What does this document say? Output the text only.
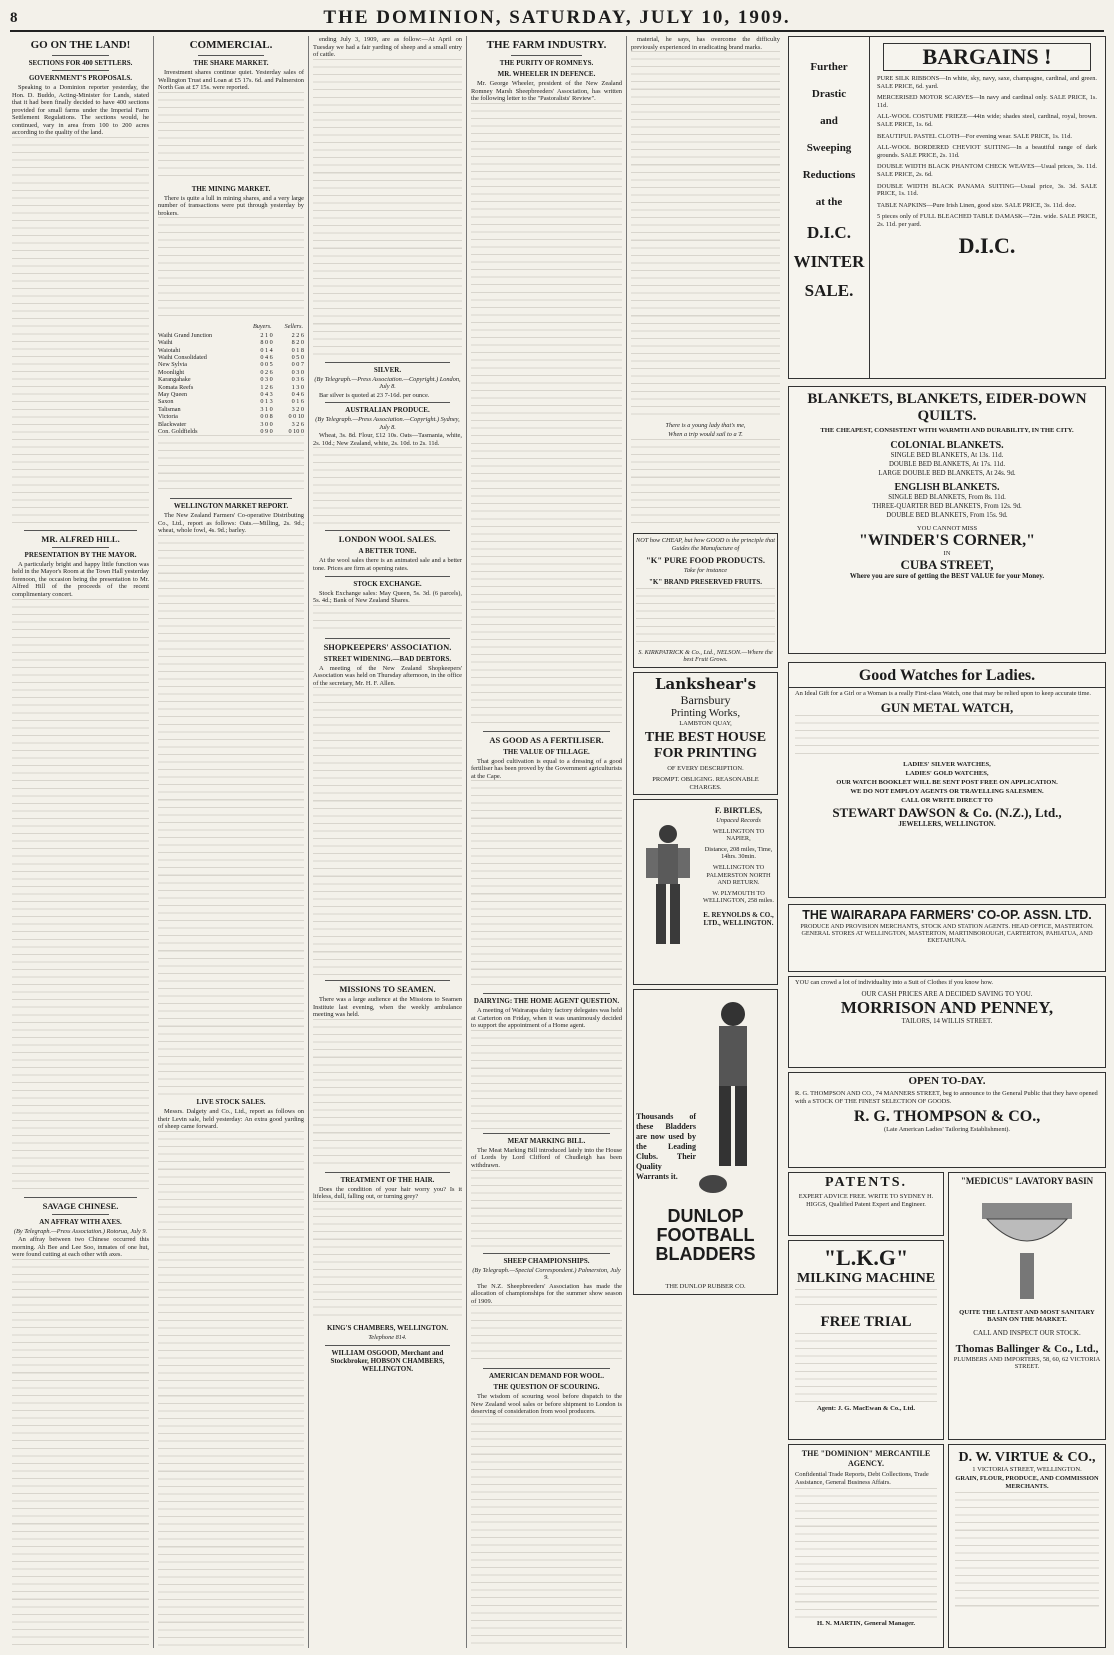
8	THE DOMINION, SATURDAY, JULY 10, 1909.
GO ON THE LAND!
SECTIONS FOR 400 SETTLERS.
GOVERNMENT'S PROPOSALS.

Speaking to a Dominion reporter yesterday, the Hon. D. Buddo, Acting-Minister for Lands, stated that it had been finally decided to have 400 sections provided for small farms under the Imperial Farm Settlement Regulations. The sections would, he continued, vary in area from 100 to 200 acres according to the quality of the land.

MR. ALFRED HILL.
PRESENTATION BY THE MAYOR.

A particularly bright and happy little function was held in the Mayor's Room at the Town Hall yesterday forenoon, the occasion being the presentation to Mr. Alfred Hill of the proceeds of the recent complimentary concert.

SAVAGE CHINESE.
AN AFFRAY WITH AXES.
(By Telegraph.—Press Association.) Rotorua, July 9.

An affray between two Chinese occurred this morning. Ah Bee and Lee Soo, inmates of one hut, were found cutting at each other with axes.

COMMERCIAL.
THE SHARE MARKET.

Investment shares continue quiet. Yesterday sales of Wellington Trust and Loan at £5 17s. 6d. and Palmerston North Gas at £7 15s. were reported.

THE MINING MARKET.

There is quite a lull in mining shares, and a very large number of transactions were put through yesterday by brokers.

	Buyers.	Sellers.
Waihi Grand Junction	2 1 0	2 2 6
Waihi	8 0 0	8 2 0
Waiotahi	0 1 4	0 1 8
Waihi Consolidated	0 4 6	0 5 0
New Sylvia	0 0 5	0 0 7
Moonlight	0 2 6	0 3 0
Karangahake	0 3 0	0 3 6
Komata Reefs	1 2 6	1 3 0
May Queen	0 4 3	0 4 6
Saxon	0 1 3	0 1 6
Talisman	3 1 0	3 2 0
Victoria	0 0 8	0 0 10
Blackwater	3 0 0	3 2 6
Con. Goldfields	0 9 0	0 10 0
WELLINGTON MARKET REPORT.

The New Zealand Farmers' Co-operative Distributing Co., Ltd., report as follows: Oats.—Milling, 2s. 9d.; wheat, whole fowl, 4s. 9d.; barley.

LIVE STOCK SALES.

Messrs. Dalgety and Co., Ltd., report as follows on their Levin sale, held yesterday: An extra good yarding of sheep came forward.

ending July 3, 1909, are as follow:—At April on Tuesday we had a fair yarding of sheep and a small entry of cattle.

SILVER.
(By Telegraph.—Press Association.—Copyright.) London, July 8.

Bar silver is quoted at 23 7-16d. per ounce.

AUSTRALIAN PRODUCE.
(By Telegraph.—Press Association.—Copyright.) Sydney, July 8.

Wheat, 3s. 8d. Flour, £12 10s. Oats—Tasmania, white, 2s. 10d.; New Zealand, white, 2s. 10d. to 2s. 11d.

LONDON WOOL SALES.
A BETTER TONE.

At the wool sales there is an animated sale and a better tone. Prices are firm at opening rates.

STOCK EXCHANGE.

Stock Exchange sales: May Queen, 5s. 3d. (6 parcels), 5s. 4d.; Bank of New Zealand Shares.

SHOPKEEPERS' ASSOCIATION.
STREET WIDENING.—BAD DEBTORS.

A meeting of the New Zealand Shopkeepers' Association was held on Thursday afternoon, in the office of the secretary, Mr. H. F. Allen.

MISSIONS TO SEAMEN.

There was a large audience at the Missions to Seamen Institute last evening, when the weekly ambulance meeting was held.

TREATMENT OF THE HAIR.

Does the condition of your hair worry you? Is it lifeless, dull, falling out, or turning grey?

KING'S CHAMBERS, WELLINGTON.
Telephone 814.
WILLIAM OSGOOD, Merchant and Stockbroker, HOBSON CHAMBERS, WELLINGTON.
THE FARM INDUSTRY.
THE PURITY OF ROMNEYS.
MR. WHEELER IN DEFENCE.

Mr. George Wheeler, president of the New Zealand Romney Marsh Sheepbreeders' Association, has written the following letter to the "Pastoralists' Review".

AS GOOD AS A FERTILISER.
THE VALUE OF TILLAGE.

That good cultivation is equal to a dressing of a good fertiliser has been proved by the Government agriculturists at the Cape.

DAIRYING: THE HOME AGENT QUESTION.

A meeting of Wairarapa dairy factory delegates was held at Carterton on Friday, when it was unanimously decided to support the appointment of a Home agent.

MEAT MARKING BILL.

The Meat Marking Bill introduced lately into the House of Lords by Lord Clifford of Chudleigh has been withdrawn.

SHEEP CHAMPIONSHIPS.
(By Telegraph.—Special Correspondent.) Palmerston, July 9.

The N.Z. Sheepbreeders' Association has made the allocation of championships for the summer show season of 1909.

AMERICAN DEMAND FOR WOOL.
THE QUESTION OF SCOURING.

The wisdom of scouring wool before dispatch to the New Zealand wool sales or before shipment to London is deserving of consideration from wool producers.

material, he says, has overcome the difficulty previously experienced in eradicating brand marks.

There is a young lady that's me,
When a trip would sail to a T.
NOT how CHEAP, but how GOOD is the principle that Guides the Manufacture of
"K" PURE FOOD PRODUCTS.
Take for instance
"K" BRAND PRESERVED FRUITS.
S. KIRKPATRICK & Co., Ltd., NELSON.—Where the best Fruit Grows.
Lankshear's
Barnsbury
Printing Works,
LAMBTON QUAY,
THE BEST HOUSE FOR PRINTING
OF EVERY DESCRIPTION.
PROMPT. OBLIGING. REASONABLE CHARGES.
F. BIRTLES,
Unpaced Records
WELLINGTON TO NAPIER,
Distance, 208 miles, Time, 14hrs. 30min.
WELLINGTON TO PALMERSTON NORTH AND RETURN.
W. PLYMOUTH TO WELLINGTON, 258 miles.
E. REYNOLDS & CO., LTD., WELLINGTON.
Thousands of these Bladders are now used by the Leading Clubs. Their Quality Warrants it.
DUNLOP FOOTBALL BLADDERS
THE DUNLOP RUBBER CO.
Further
Drastic
and
Sweeping
Reductions
at the
D.I.C.
WINTER
SALE.
BARGAINS !
PURE SILK RIBBONS—In white, sky, navy, saxe, champagne, cardinal, and green. SALE PRICE, 6d. yard.
MERCERISED MOTOR SCARVES—In navy and cardinal only. SALE PRICE, 1s. 11d.
ALL-WOOL COSTUME FRIEZE—44in wide; shades steel, cardinal, royal, brown. SALE PRICE, 1s. 6d.
BEAUTIFUL PASTEL CLOTH—For evening wear. SALE PRICE, 1s. 11d.
ALL-WOOL BORDERED CHEVIOT SUITING—In a beautiful range of dark grounds. SALE PRICE, 2s. 11d.
DOUBLE WIDTH BLACK PHANTOM CHECK WEAVES—Usual prices, 3s. 11d. SALE PRICE, 2s. 6d.
DOUBLE WIDTH BLACK PANAMA SUITING—Usual price, 3s. 3d. SALE PRICE, 1s. 11d.
TABLE NAPKINS—Pure Irish Linen, good size. SALE PRICE, 3s. 11d. doz.
5 pieces only of FULL BLEACHED TABLE DAMASK—72in. wide. SALE PRICE, 2s. 11d. per yard.
D.I.C.
BLANKETS, BLANKETS, EIDER-DOWN QUILTS.
THE CHEAPEST, CONSISTENT WITH WARMTH AND DURABILITY, IN THE CITY.
COLONIAL BLANKETS.
SINGLE BED BLANKETS, At 13s. 11d.
DOUBLE BED BLANKETS, At 17s. 11d.
LARGE DOUBLE BED BLANKETS, At 24s. 9d.
ENGLISH BLANKETS.
SINGLE BED BLANKETS, From 8s. 11d.
THREE-QUARTER BED BLANKETS, From 12s. 9d.
DOUBLE BED BLANKETS, From 15s. 9d.
YOU CANNOT MISS
"WINDER'S CORNER,"
IN
CUBA STREET,
Where you are sure of getting the BEST VALUE for your Money.
Good Watches for Ladies.

An Ideal Gift for a Girl or a Woman is a really First-class Watch, one that may be relied upon to keep accurate time.

GUN METAL WATCH,
LADIES' SILVER WATCHES,
LADIES' GOLD WATCHES,
OUR WATCH BOOKLET WILL BE SENT POST FREE ON APPLICATION.
WE DO NOT EMPLOY AGENTS OR TRAVELLING SALESMEN.
CALL OR WRITE DIRECT TO
STEWART DAWSON & Co. (N.Z.), Ltd.,
JEWELLERS, WELLINGTON.
THE WAIRARAPA FARMERS' CO-OP. ASSN. LTD.
PRODUCE AND PROVISION MERCHANTS, STOCK AND STATION AGENTS. HEAD OFFICE, MASTERTON.
GENERAL STORES AT WELLINGTON, MASTERTON, MARTINBOROUGH, CARTERTON, PAHIATUA, AND EKETAHUNA.

YOU can crowd a lot of individuality into a Suit of Clothes if you know how.

OUR CASH PRICES ARE A DECIDED SAVING TO YOU.
MORRISON AND PENNEY,
TAILORS, 14 WILLIS STREET.
OPEN TO-DAY.

R. G. THOMPSON AND CO., 74 MANNERS STREET, beg to announce to the General Public that they have opened with a STOCK OF THE FINEST SELECTION OF GOODS.

R. G. THOMPSON & CO.,
(Late American Ladies' Tailoring Establishment).
PATENTS.

EXPERT ADVICE FREE. WRITE TO SYDNEY H. HIGGS, Qualified Patent Expert and Engineer.

"L.K.G"
MILKING MACHINE
FREE TRIAL
Agent: J. G. MacEwan & Co., Ltd.
"MEDICUS" LAVATORY BASIN
QUITE THE LATEST AND MOST SANITARY BASIN ON THE MARKET.
CALL AND INSPECT OUR STOCK.
Thomas Ballinger & Co., Ltd.,
PLUMBERS AND IMPORTERS, 58, 60, 62 VICTORIA STREET.
D. W. VIRTUE & CO.,
1 VICTORIA STREET, WELLINGTON.

GRAIN, FLOUR, PRODUCE, AND COMMISSION MERCHANTS.

THE "DOMINION" MERCANTILE AGENCY.

Confidential Trade Reports, Debt Collections, Trade Assistance, General Business Affairs.

H. N. MARTIN, General Manager.
